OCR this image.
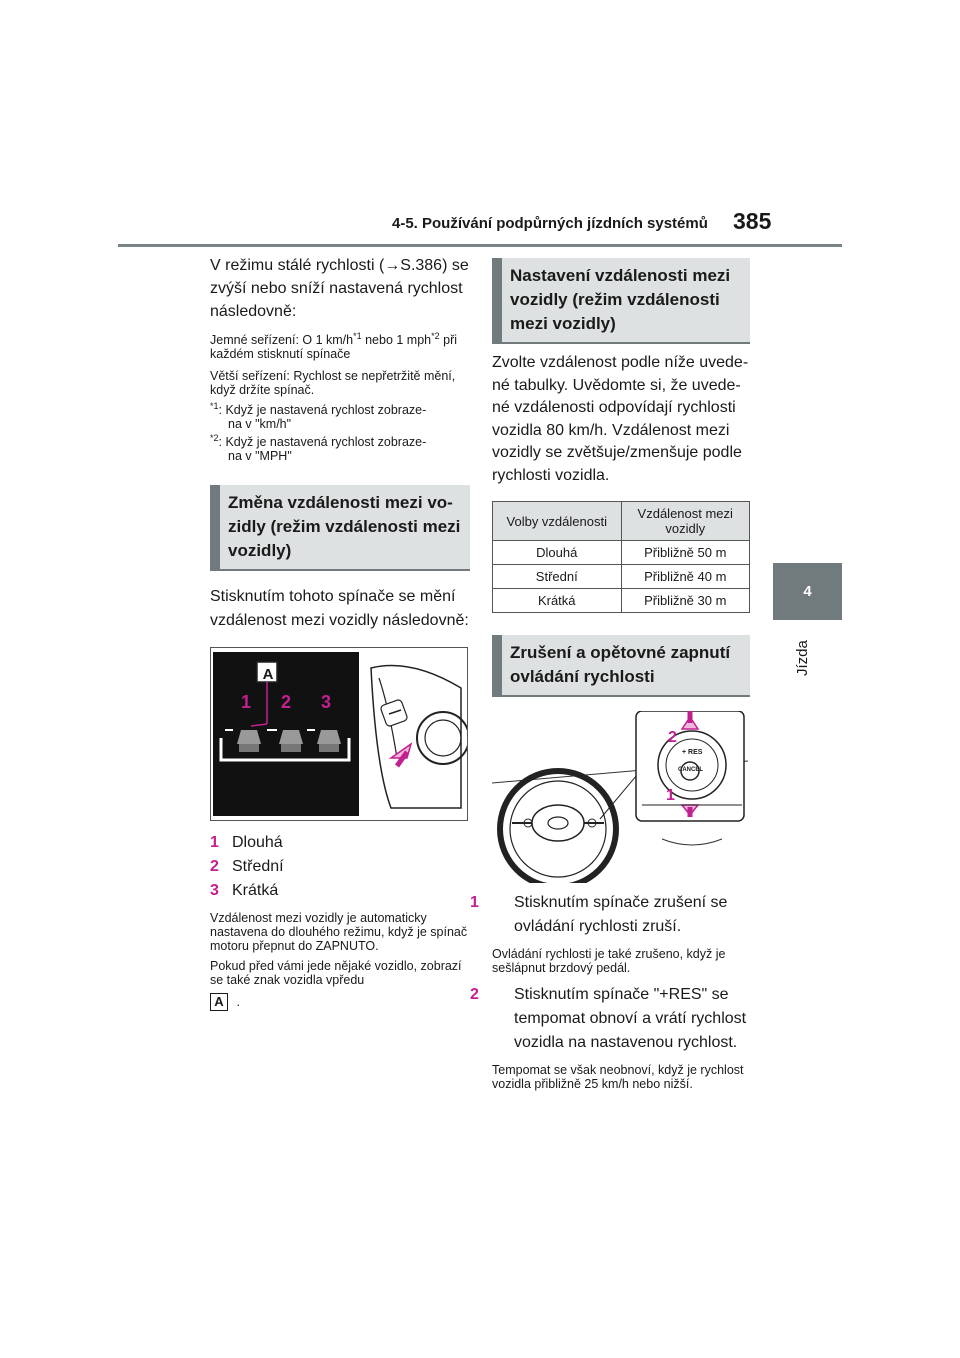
4-5. Používání podpůrných jízdních systémů 385
4
Jízda

V režimu stálé rychlosti (→S.386) se zvýší nebo sníží nastavená rychlost následovně:

Jemné seřízení: O 1 $km/h^{*1}$ nebo 1 mph$^{*2}$ při každém stisknutí spínače

Větší seřízení: Rychlost se nepřetržitě mění, když držíte spínač.

$^{*1}$: Když je nastavená rychlost zobraze-
na v "km/h"
$^{*2}$: Když je nastavená rychlost zobraze-
na v "MPH"
Změna vzdálenosti mezi vo-zidly (režim vzdálenosti mezi vozidly)

Stisknutím tohoto spínače se mění vzdálenost mezi vozidly následovně:

A
1 2 3
1 Dlouhá
2 Střední
3 Krátká

Vzdálenost mezi vozidly je automaticky nastavena do dlouhého režimu, když je spínač motoru přepnut do ZAPNUTO.

Pokud před vámi jede nějaké vozidlo, zobrazí se také znak vozidla vpředu

A .
Nastavení vzdálenosti mezi vozidly (režim vzdálenosti mezi vozidly)

Zvolte vzdálenost podle níže uvede-né tabulky. Uvědomte si, že uvede-né vzdálenosti odpovídají rychlosti vozidla 80 km/h. Vzdálenost mezi vozidly se zvětšuje/zmenšuje podle rychlosti vozidla.

Volby vzdálenosti	Vzdálenost mezi vozidly
Dlouhá	Přibližně 50 m
Střední	Přibližně 40 m
Krátká	Přibližně 30 m
Zrušení a opětovné zapnutí ovládání rychlosti
+ RES
CANCEL
2
1
1 Stisknutím spínače zrušení se ovládání rychlosti zruší.

Ovládání rychlosti je také zrušeno, když je sešlápnut brzdový pedál.

2 Stisknutím spínače "+RES" se tempomat obnoví a vrátí rychlost vozidla na nastavenou rychlost.

Tempomat se však neobnoví, když je rychlost vozidla přibližně 25 km/h nebo nižší.
